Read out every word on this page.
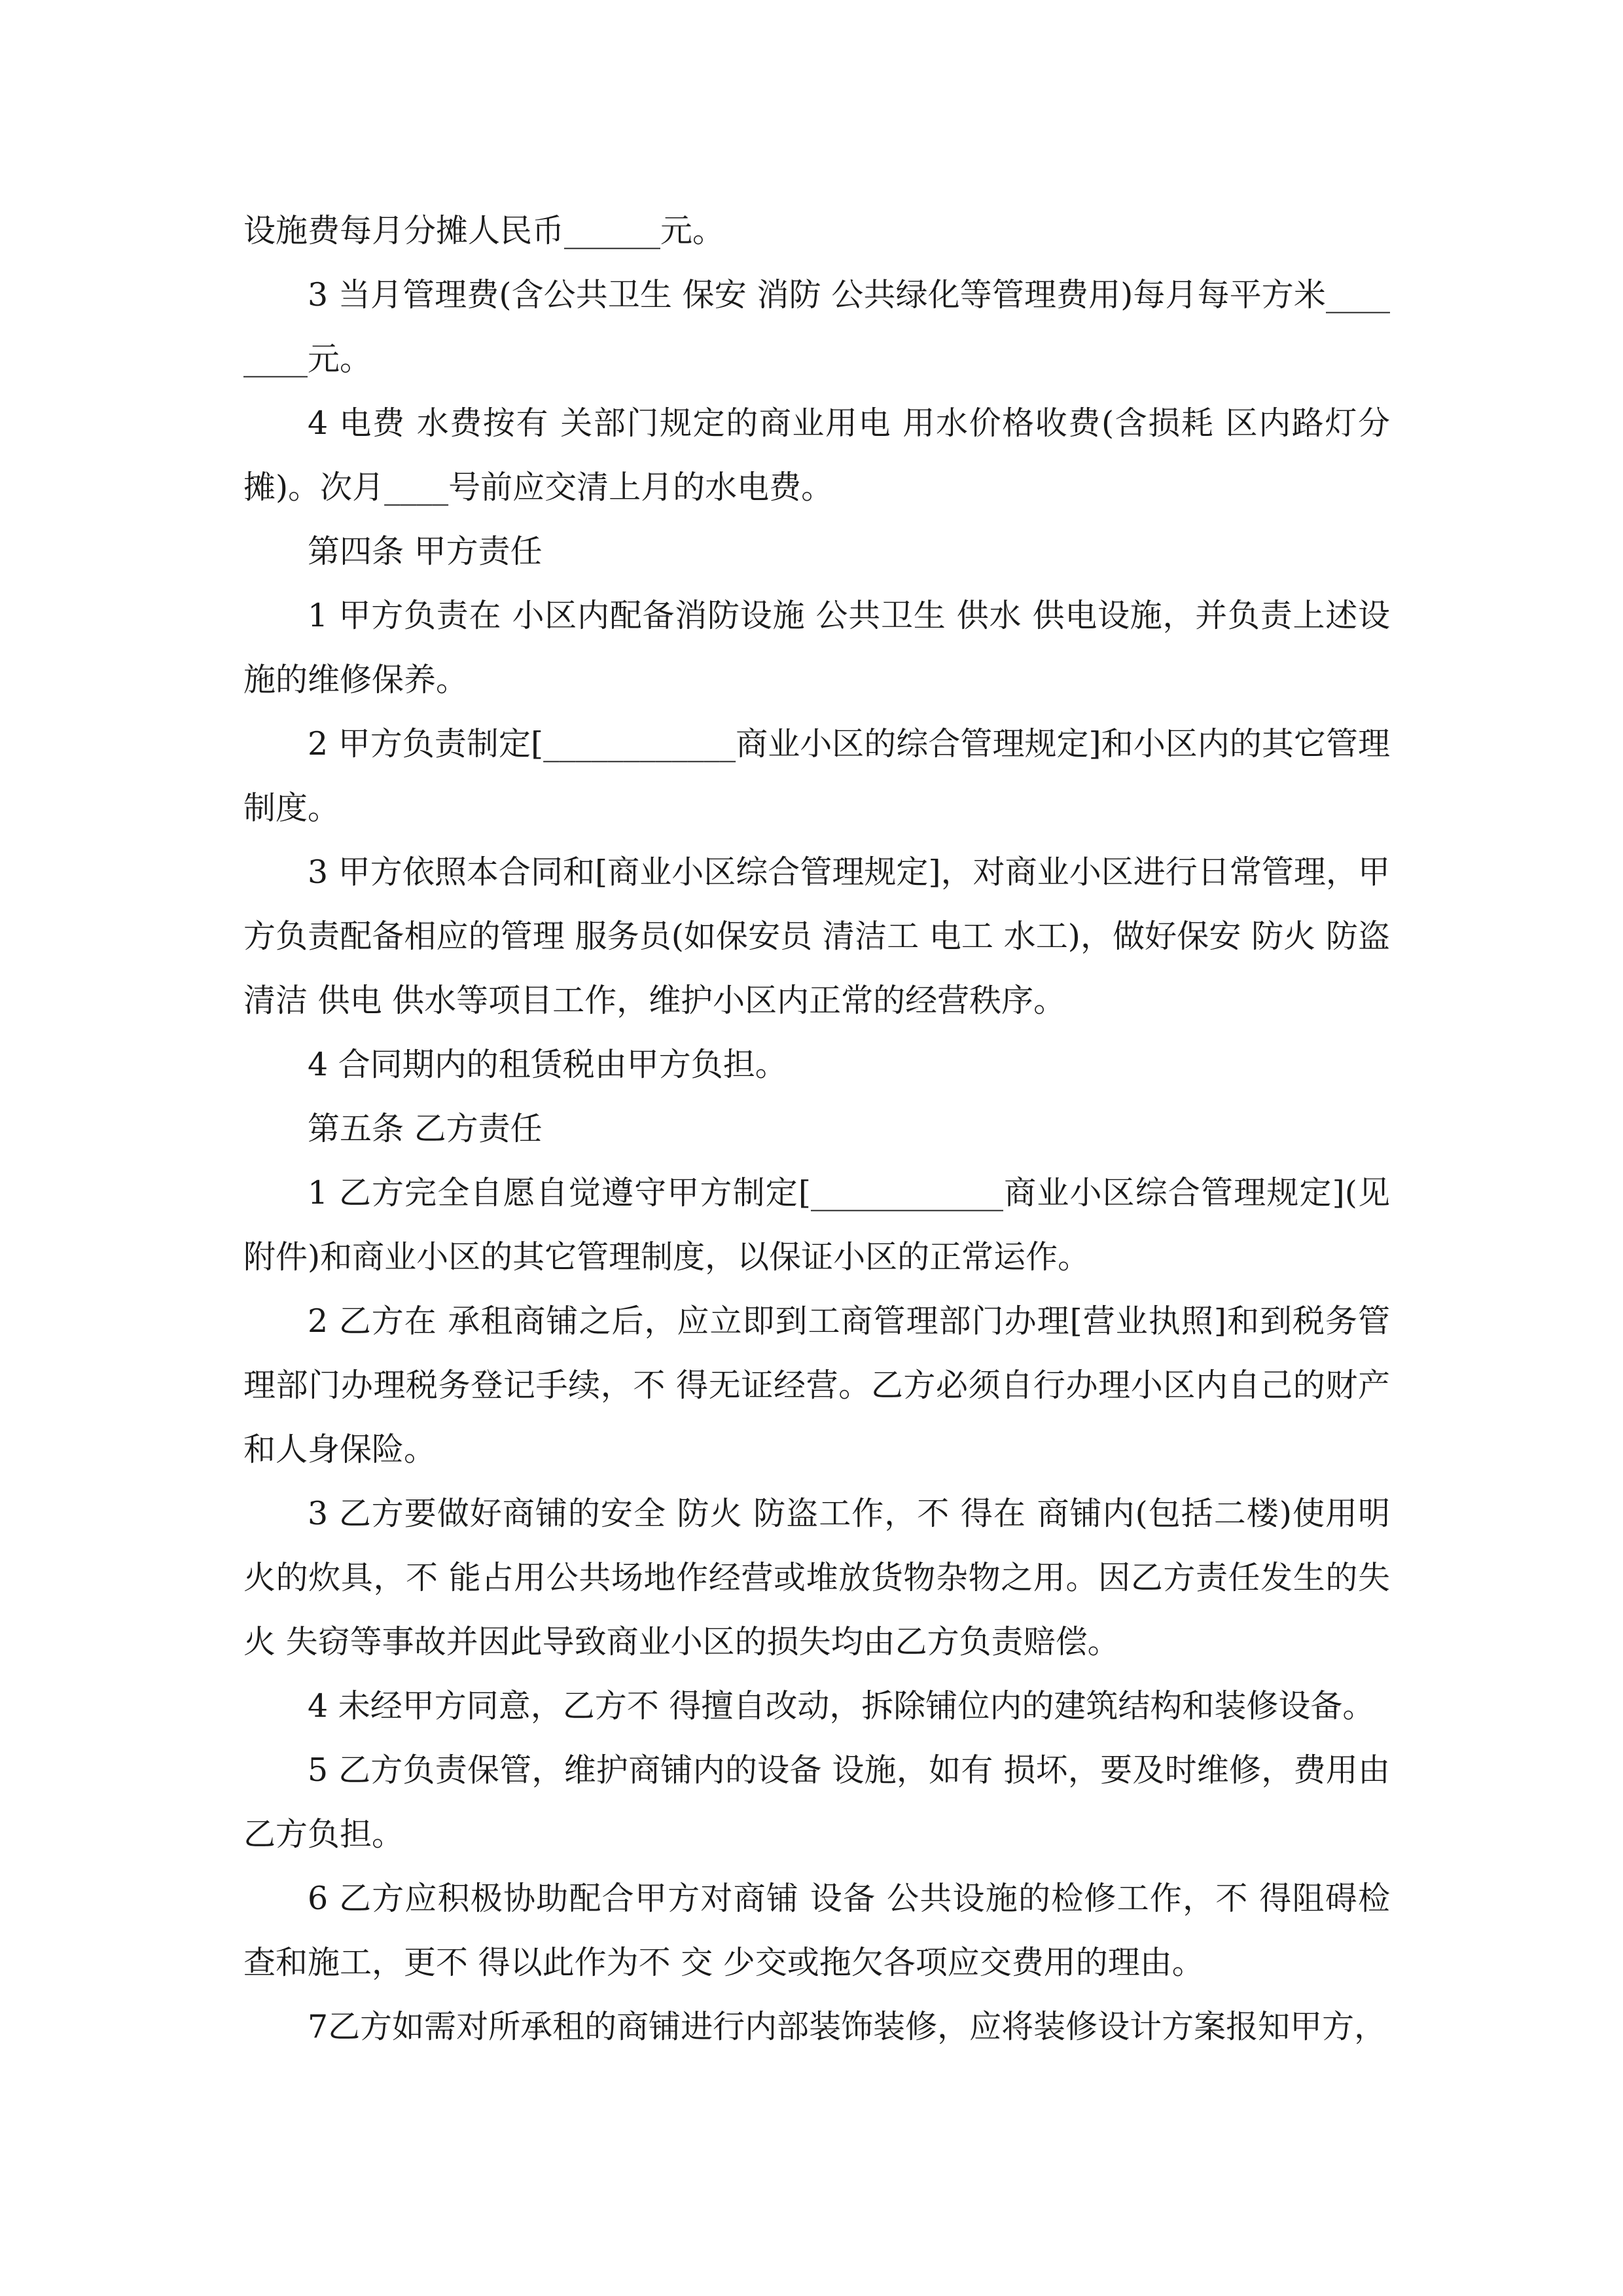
设施费每月分摊人民币______元。

3 当月管理费(含公共卫生 保安 消防 公共绿化等管理费用)每月每平方米________元。

4 电费 水费按有 关部门规定的商业用电 用水价格收费(含损耗 区内路灯分摊)。次月____号前应交清上月的水电费。

第四条 甲方责任

1 甲方负责在 小区内配备消防设施 公共卫生 供水 供电设施，并负责上述设施的维修保养。

2 甲方负责制定[____________商业小区的综合管理规定]和小区内的其它管理制度。

3 甲方依照本合同和[商业小区综合管理规定]，对商业小区进行日常管理，甲方负责配备相应的管理 服务员(如保安员 清洁工 电工 水工)，做好保安 防火 防盗 清洁 供电 供水等项目工作，维护小区内正常的经营秩序。

4 合同期内的租赁税由甲方负担。

第五条 乙方责任

1 乙方完全自愿自觉遵守甲方制定[____________商业小区综合管理规定](见附件)和商业小区的其它管理制度，以保证小区的正常运作。

2 乙方在 承租商铺之后，应立即到工商管理部门办理[营业执照]和到税务管理部门办理税务登记手续，不 得无证经营。乙方必须自行办理小区内自己的财产和人身保险。

3 乙方要做好商铺的安全 防火 防盗工作，不 得在 商铺内(包括二楼)使用明火的炊具，不 能占用公共场地作经营或堆放货物杂物之用。因乙方责任发生的失火 失窃等事故并因此导致商业小区的损失均由乙方负责赔偿。

4 未经甲方同意，乙方不 得擅自改动，拆除铺位内的建筑结构和装修设备。

5 乙方负责保管，维护商铺内的设备 设施，如有 损坏，要及时维修，费用由乙方负担。

6 乙方应积极协助配合甲方对商铺 设备 公共设施的检修工作，不 得阻碍检查和施工，更不 得以此作为不 交 少交或拖欠各项应交费用的理由。

7乙方如需对所承租的商铺进行内部装饰装修，应将装修设计方案报知甲方，
